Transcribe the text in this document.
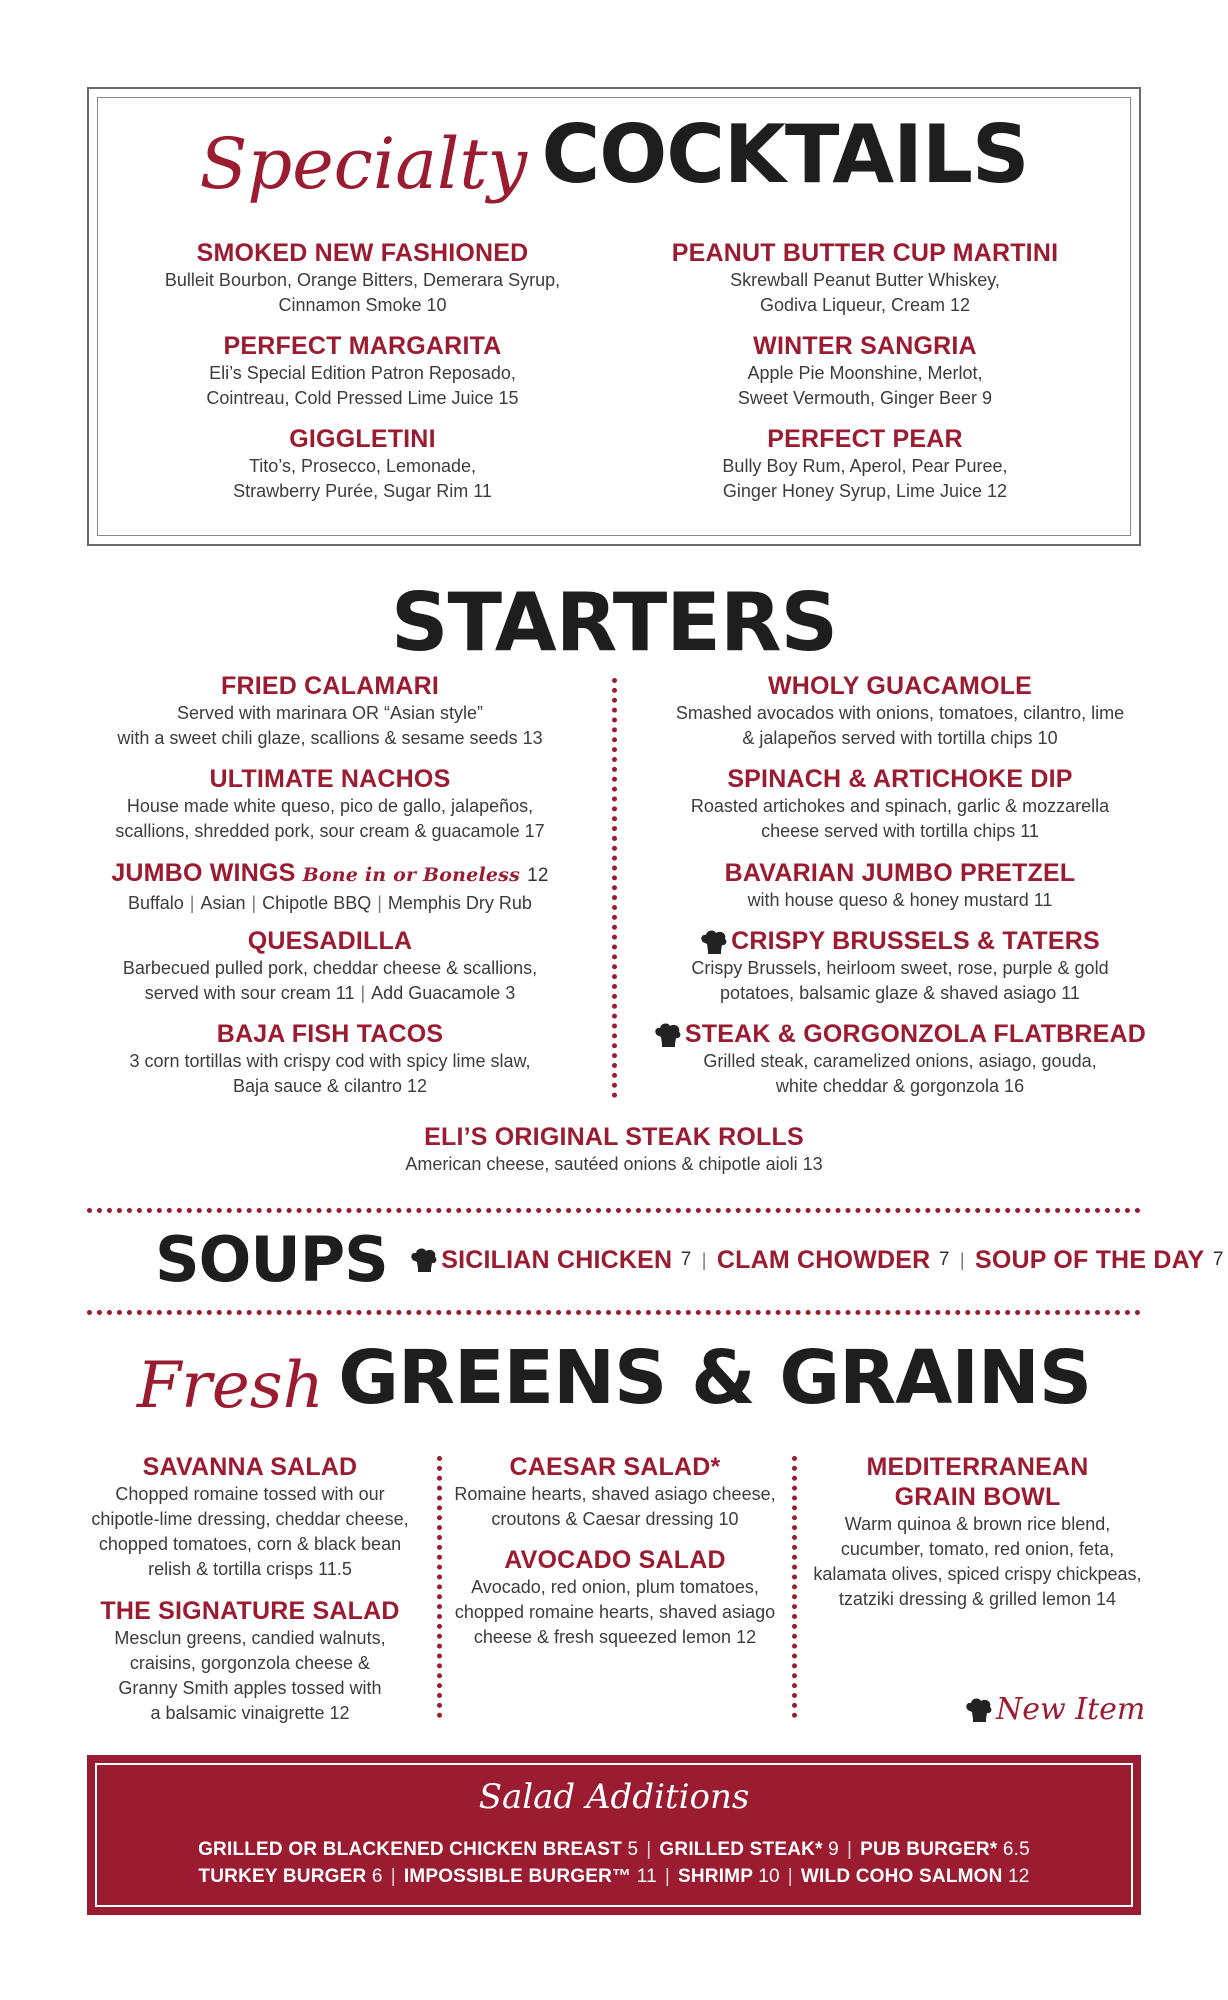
Specialty COCKTAILS
SMOKED NEW FASHIONED
Bulleit Bourbon, Orange Bitters, Demerara Syrup,
Cinnamon Smoke 10
PEANUT BUTTER CUP MARTINI
Skrewball Peanut Butter Whiskey,
Godiva Liqueur, Cream 12
PERFECT MARGARITA
Eli’s Special Edition Patron Reposado,
Cointreau, Cold Pressed Lime Juice 15
WINTER SANGRIA
Apple Pie Moonshine, Merlot,
Sweet Vermouth, Ginger Beer 9
GIGGLETINI
Tito’s, Prosecco, Lemonade,
Strawberry Purée, Sugar Rim 11
PERFECT PEAR
Bully Boy Rum, Aperol, Pear Puree,
Ginger Honey Syrup, Lime Juice 12
STARTERS
FRIED CALAMARI
Served with marinara OR “Asian style”
with a sweet chili glaze, scallions & sesame seeds 13
WHOLY GUACAMOLE
Smashed avocados with onions, tomatoes, cilantro, lime
& jalapeños served with tortilla chips 10
ULTIMATE NACHOS
House made white queso, pico de gallo, jalapeños,
scallions, shredded pork, sour cream & guacamole 17
SPINACH & ARTICHOKE DIP
Roasted artichokes and spinach, garlic & mozzarella
cheese served with tortilla chips 11
JUMBO WINGS Bone in or Boneless 12
Buffalo | Asian | Chipotle BBQ | Memphis Dry Rub
BAVARIAN JUMBO PRETZEL
with house queso & honey mustard 11
QUESADILLA
Barbecued pulled pork, cheddar cheese & scallions,
served with sour cream 11 | Add Guacamole 3
CRISPY BRUSSELS & TATERS
Crispy Brussels, heirloom sweet, rose, purple & gold
potatoes, balsamic glaze & shaved asiago 11
BAJA FISH TACOS
3 corn tortillas with crispy cod with spicy lime slaw,
Baja sauce & cilantro 12
STEAK & GORGONZOLA FLATBREAD
Grilled steak, caramelized onions, asiago, gouda,
white cheddar & gorgonzola 16
ELI’S ORIGINAL STEAK ROLLS
American cheese, sautéed onions & chipotle aioli 13
SOUPS SICILIAN CHICKEN 7 | CLAM CHOWDER 7 | SOUP OF THE DAY 7
Fresh GREENS & GRAINS
SAVANNA SALAD
Chopped romaine tossed with our
chipotle-lime dressing, cheddar cheese,
chopped tomatoes, corn & black bean
relish & tortilla crisps 11.5
THE SIGNATURE SALAD
Mesclun greens, candied walnuts,
craisins, gorgonzola cheese &
Granny Smith apples tossed with
a balsamic vinaigrette 12
CAESAR SALAD*
Romaine hearts, shaved asiago cheese,
croutons & Caesar dressing 10
AVOCADO SALAD
Avocado, red onion, plum tomatoes,
chopped romaine hearts, shaved asiago
cheese & fresh squeezed lemon 12
MEDITERRANEAN
GRAIN BOWL
Warm quinoa & brown rice blend,
cucumber, tomato, red onion, feta,
kalamata olives, spiced crispy chickpeas,
tzatziki dressing & grilled lemon 14
New Item
Salad Additions
GRILLED OR BLACKENED CHICKEN BREAST 5 | GRILLED STEAK* 9 | PUB BURGER* 6.5
TURKEY BURGER 6 | IMPOSSIBLE BURGER™ 11 | SHRIMP 10 | WILD COHO SALMON 12
